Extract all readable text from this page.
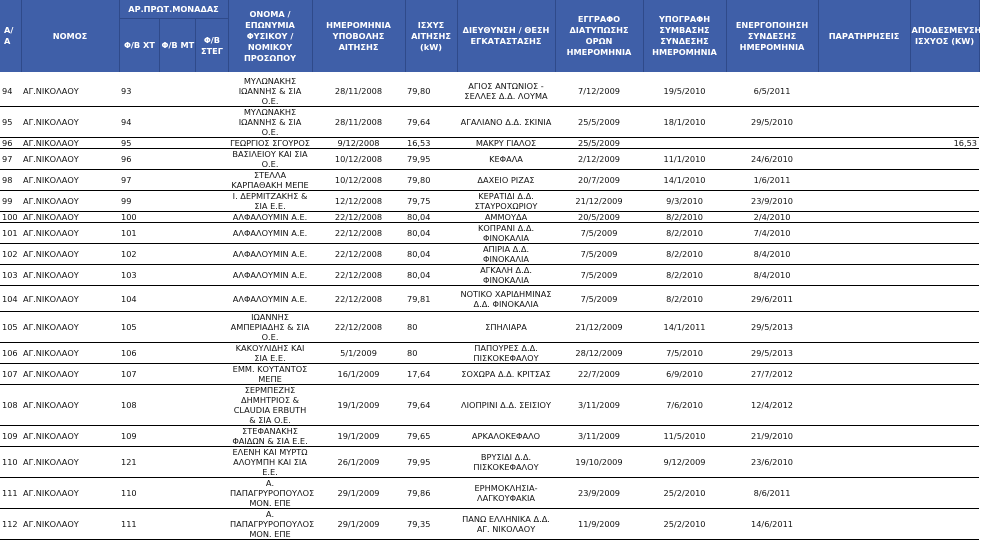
Α/Α	ΝΟΜΟΣ	ΑΡ.ΠΡΩΤ.ΜΟΝΑΔΑΣ
Φ/Β ΧΤ Φ/Β ΜΤ
Φ/Β ΣΤΕΓ		ΟΝΟΜΑ / ΕΠΩΝΥΜΙΑ ΦΥΣΙΚΟΥ / ΝΟΜΙΚΟΥ ΠΡΟΣΩΠΟΥ	ΗΜΕΡΟΜΗΝΙΑ ΥΠΟΒΟΛΗΣ ΑΙΤΗΣΗΣ	ΙΣΧΥΣ ΑΙΤΗΣΗΣ (kW)	ΔΙΕΥΘΥΝΣΗ / ΘΕΣΗ ΕΓΚΑΤΑΣΤΑΣΗΣ	ΕΓΓΡΑΦΟ ΔΙΑΤΥΠΩΣΗΣ ΟΡΩΝ ΗΜΕΡΟΜΗΝΙΑ	ΥΠΟΓΡΑΦΗ ΣΥΜΒΑΣΗΣ ΣΥΝΔΕΣΗΣ ΗΜΕΡΟΜΗΝΙΑ	ΕΝΕΡΓΟΠΟΙΗΣΗ ΣΥΝΔΕΣΗΣ ΗΜΕΡΟΜΗΝΙΑ	ΠΑΡΑΤΗΡΗΣΕΙΣ	ΑΠΟΔΕΣΜΕΥΣΗ ΙΣΧΥΟΣ (KW)

94	ΑΓ.ΝΙΚΟΛΑΟΥ	93		ΜΥΛΩΝΑΚΗΣ ΙΩΑΝΝΗΣ & ΣΙΑ Ο.Ε.	28/11/2008	79,80	ΑΓΙΟΣ ΑΝΤΩΝΙΟΣ - ΣΕΛΛΕΣ Δ.Δ. ΛΟΥΜΑ	7/12/2009	19/5/2010	6/5/2011		
95	ΑΓ.ΝΙΚΟΛΑΟΥ	94		ΜΥΛΩΝΑΚΗΣ ΙΩΑΝΝΗΣ & ΣΙΑ Ο.Ε.	28/11/2008	79,64	ΑΓΑΛΙΑΝΟ Δ.Δ. ΣΚΙΝΙΑ	25/5/2009	18/1/2010	29/5/2010		
96	ΑΓ.ΝΙΚΟΛΑΟΥ	95		ΓΕΩΡΓΙΟΣ ΣΓΟΥΡΟΣ	9/12/2008	16,53	ΜΑΚΡΥ ΓΙΑΛΟΣ	25/5/2009				16,53
97	ΑΓ.ΝΙΚΟΛΑΟΥ	96		ΒΑΣΙΛΕΙΟΥ ΚΑΙ ΣΙΑ Ο.Ε.	10/12/2008	79,95	ΚΕΦΑΛΑ	2/12/2009	11/1/2010	24/6/2010		
98	ΑΓ.ΝΙΚΟΛΑΟΥ	97		ΣΤΕΛΛΑ ΚΑΡΠΑΘΑΚΗ ΜΕΠΕ	10/12/2008	79,80	ΔΑΧΕΙΟ ΡΙΖΑΣ	20/7/2009	14/1/2010	1/6/2011		
99	ΑΓ.ΝΙΚΟΛΑΟΥ	99		Ι. ΔΕΡΜΙΤΖΑΚΗΣ & ΣΙΑ Ε.Ε.	12/12/2008	79,75	ΚΕΡΑΤΙΔΙ Δ.Δ. ΣΤΑΥΡΟΧΩΡΙΟΥ	21/12/2009	9/3/2010	23/9/2010		
100	ΑΓ.ΝΙΚΟΛΑΟΥ	100		ΑΛΦΑΛΟΥΜΙΝ Α.Ε.	22/12/2008	80,04	ΑΜΜΟΥΔΑ	20/5/2009	8/2/2010	2/4/2010		
101	ΑΓ.ΝΙΚΟΛΑΟΥ	101		ΑΛΦΑΛΟΥΜΙΝ Α.Ε.	22/12/2008	80,04	ΚΟΠΡΑΝΙ Δ.Δ. ΦΙΝΟΚΑΛΙΑ	7/5/2009	8/2/2010	7/4/2010		
102	ΑΓ.ΝΙΚΟΛΑΟΥ	102		ΑΛΦΑΛΟΥΜΙΝ Α.Ε.	22/12/2008	80,04	ΑΠΙΡΙΑ Δ.Δ. ΦΙΝΟΚΑΛΙΑ	7/5/2009	8/2/2010	8/4/2010		
103	ΑΓ.ΝΙΚΟΛΑΟΥ	103		ΑΛΦΑΛΟΥΜΙΝ Α.Ε.	22/12/2008	80,04	ΑΓΚΑΛΗ Δ.Δ. ΦΙΝΟΚΑΛΙΑ	7/5/2009	8/2/2010	8/4/2010		
104	ΑΓ.ΝΙΚΟΛΑΟΥ	104		ΑΛΦΑΛΟΥΜΙΝ Α.Ε.	22/12/2008	79,81	ΝΟΤΙΚΟ ΧΑΡΙΔΗΜΙΝΑΣ Δ.Δ. ΦΙΝΟΚΑΛΙΑ	7/5/2009	8/2/2010	29/6/2011		
105	ΑΓ.ΝΙΚΟΛΑΟΥ	105		ΙΩΑΝΝΗΣ ΑΜΠΕΡΙΑΔΗΣ & ΣΙΑ Ο.Ε.	22/12/2008	80	ΣΠΗΛΙΑΡΑ	21/12/2009	14/1/2011	29/5/2013		
106	ΑΓ.ΝΙΚΟΛΑΟΥ	106		ΚΑΚΟΥΛΙΔΗΣ ΚΑΙ ΣΙΑ Ε.Ε.	5/1/2009	80	ΠΑΠΟΥΡΕΣ Δ.Δ. ΠΙΣΚΟΚΕΦΑΛΟΥ	28/12/2009	7/5/2010	29/5/2013		
107	ΑΓ.ΝΙΚΟΛΑΟΥ	107		ΕΜΜ. ΚΟΥΤΑΝΤΟΣ ΜΕΠΕ	16/1/2009	17,64	ΣΟΧΩΡΑ Δ.Δ. ΚΡΙΤΣΑΣ	22/7/2009	6/9/2010	27/7/2012		
108	ΑΓ.ΝΙΚΟΛΑΟΥ	108		ΣΕΡΜΠΕΖΗΣ ΔΗΜΗΤΡΙΟΣ & CLAUDIA ERBUTH & ΣΙΑ Ο.Ε.	19/1/2009	79,64	ΛΙΟΠΡΙΝΙ Δ.Δ. ΣΕΙΣΙΟΥ	3/11/2009	7/6/2010	12/4/2012		
109	ΑΓ.ΝΙΚΟΛΑΟΥ	109		ΣΤΕΦΑΝΑΚΗΣ ΦΑΙΔΩΝ & ΣΙΑ Ε.Ε.	19/1/2009	79,65	ΑΡΚΑΛΟΚΕΦΑΛΟ	3/11/2009	11/5/2010	21/9/2010		
110	ΑΓ.ΝΙΚΟΛΑΟΥ	121		ΕΛΕΝΗ ΚΑΙ ΜΥΡΤΩ ΑΛΟΥΜΠΗ ΚΑΙ ΣΙΑ Ε.Ε.	26/1/2009	79,95	ΒΡΥΣΙΔΙ Δ.Δ. ΠΙΣΚΟΚΕΦΑΛΟΥ	19/10/2009	9/12/2009	23/6/2010		
111	ΑΓ.ΝΙΚΟΛΑΟΥ	110		Α. ΠΑΠΑΓΡΥΡΟΠΟΥΛΟΣ ΜΟΝ. ΕΠΕ	29/1/2009	79,86	ΕΡΗΜΟΚΛΗΣΙΑ-ΛΑΓΚΟΥΦΑΚΙΑ	23/9/2009	25/2/2010	8/6/2011		
112	ΑΓ.ΝΙΚΟΛΑΟΥ	111		Α. ΠΑΠΑΓΡΥΡΟΠΟΥΛΟΣ ΜΟΝ. ΕΠΕ	29/1/2009	79,35	ΠΑΝΩ ΕΛΛΗΝΙΚΑ Δ.Δ. ΑΓ. ΝΙΚΟΛΑΟΥ	11/9/2009	25/2/2010	14/6/2011		
